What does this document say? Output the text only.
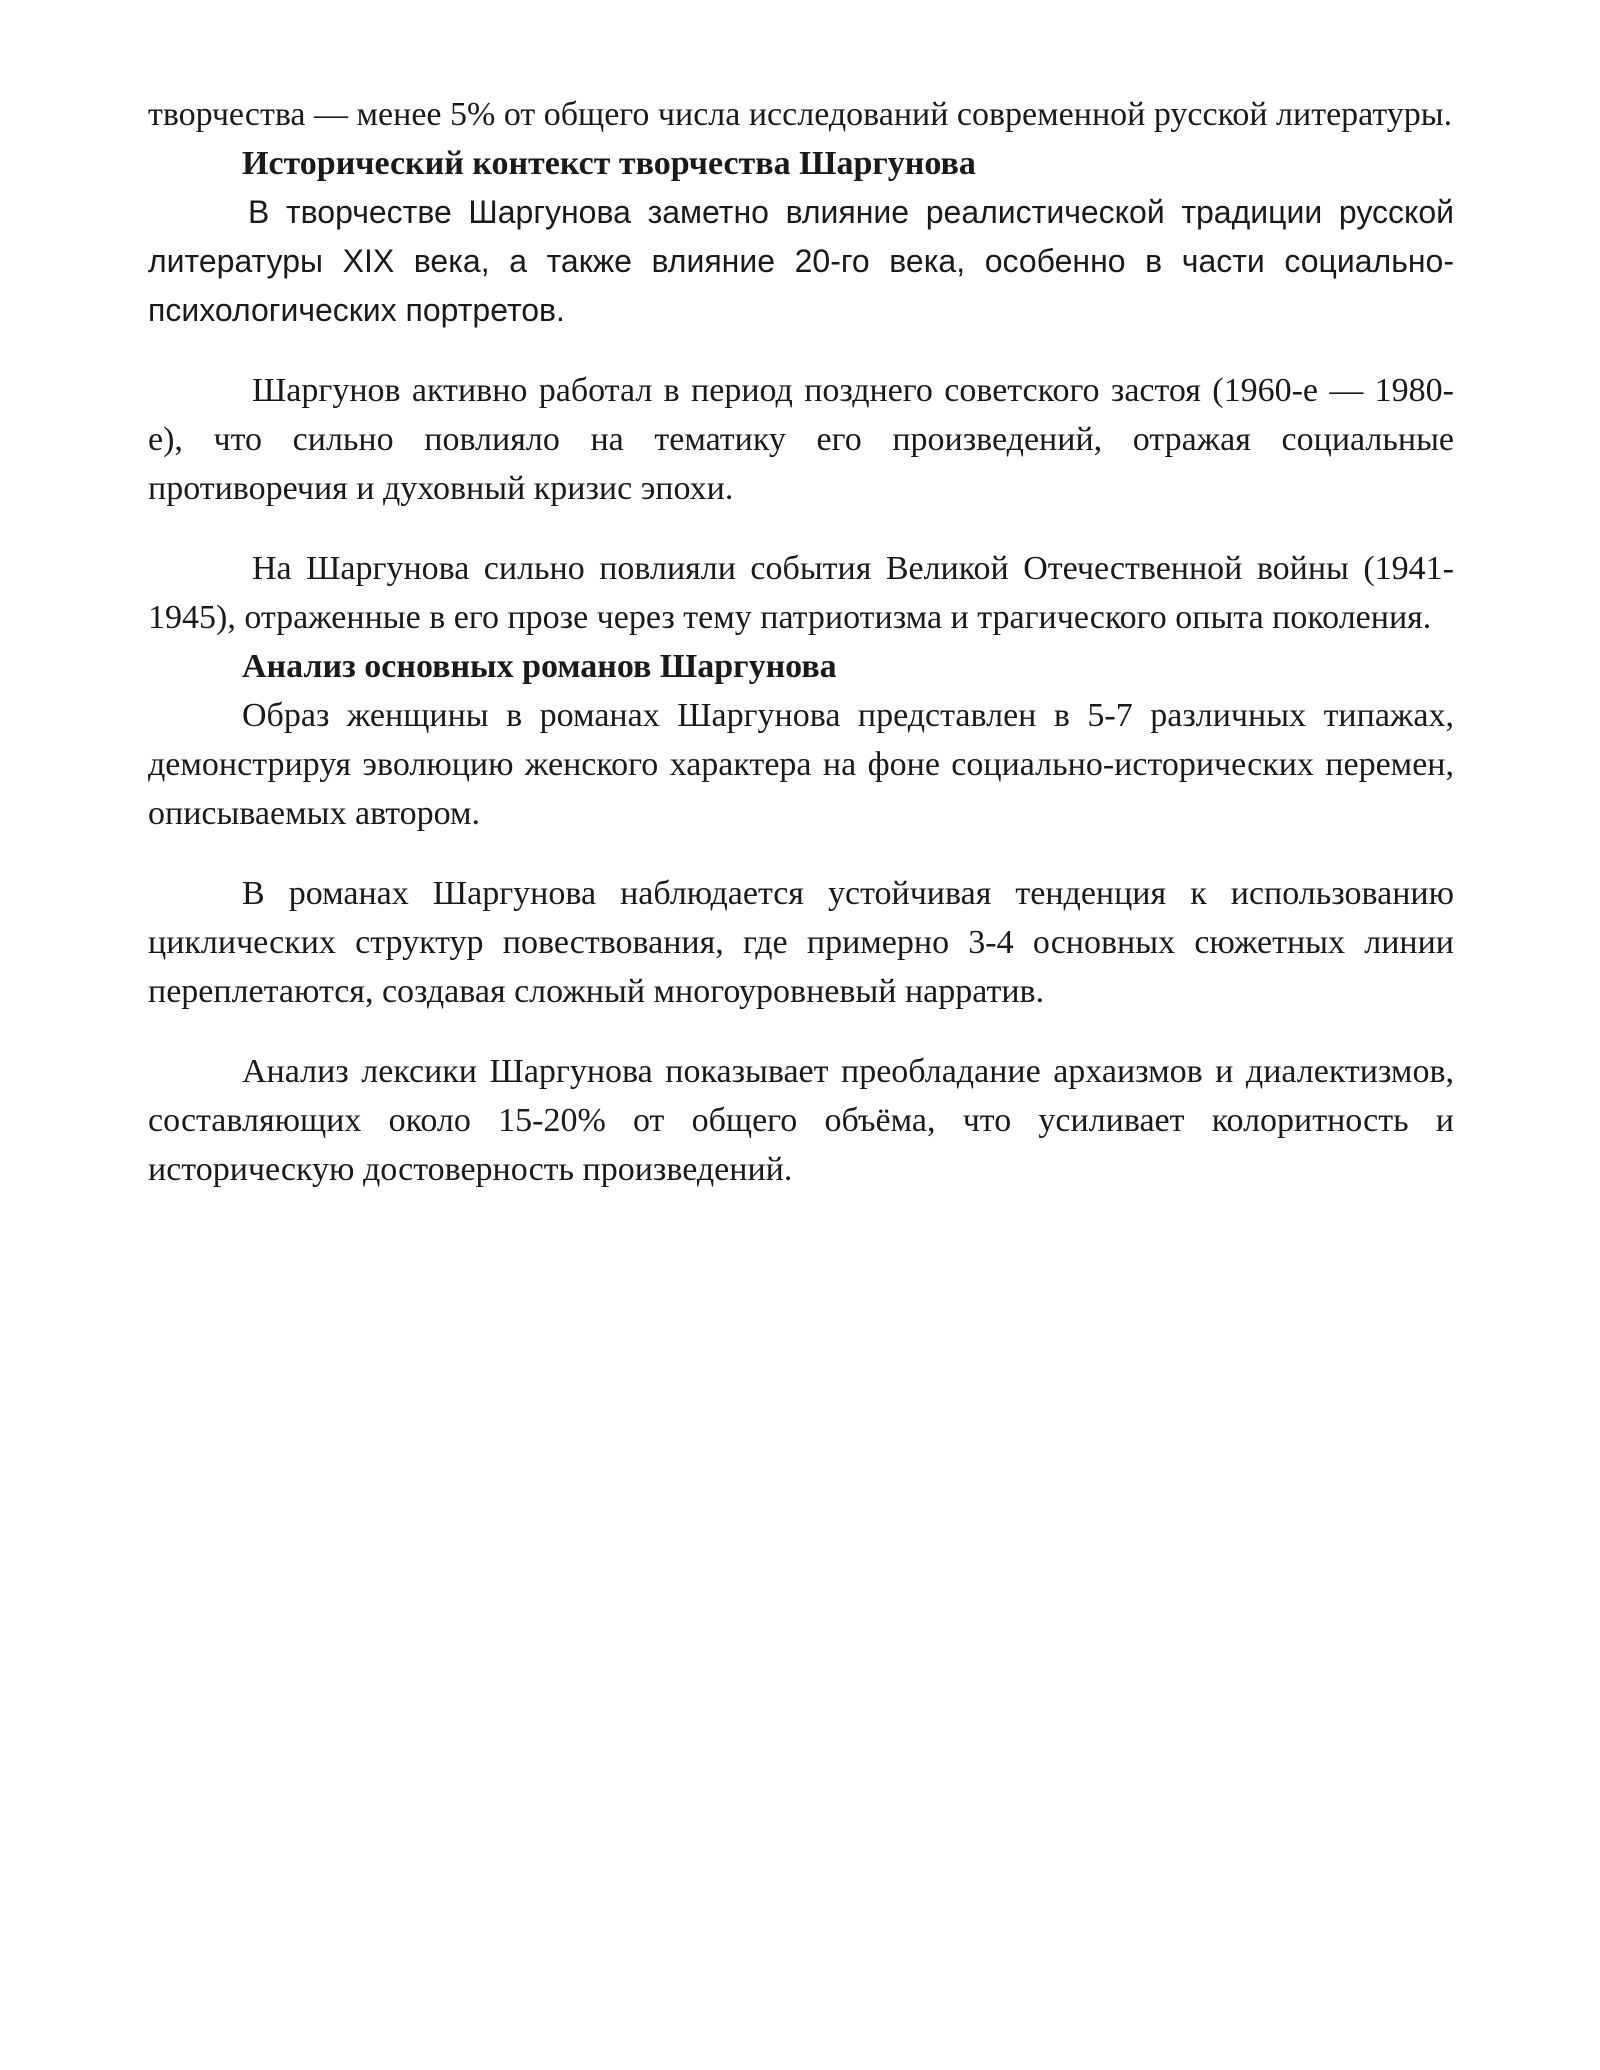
творчества — менее 5% от общего числа исследований современной русской литературы.

Исторический контекст творчества Шаргунова

В творчестве Шаргунова заметно влияние реалистической традиции русской литературы XIX века, а также влияние 20-го века, особенно в части социально-психологических портретов.

Шаргунов активно работал в период позднего советского застоя (1960-е — 1980-е), что сильно повлияло на тематику его произведений, отражая социальные противоречия и духовный кризис эпохи.

На Шаргунова сильно повлияли события Великой Отечественной войны (1941-1945), отраженные в его прозе через тему патриотизма и трагического опыта поколения.

Анализ основных романов Шаргунова

Образ женщины в романах Шаргунова представлен в 5-7 различных типажах, демонстрируя эволюцию женского характера на фоне социально-исторических перемен, описываемых автором.

В романах Шаргунова наблюдается устойчивая тенденция к использованию циклических структур повествования, где примерно 3-4 основных сюжетных линии переплетаются, создавая сложный многоуровневый нарратив.

Анализ лексики Шаргунова показывает преобладание архаизмов и диалектизмов, составляющих около 15-20% от общего объёма, что усиливает колоритность и историческую достоверность произведений.
